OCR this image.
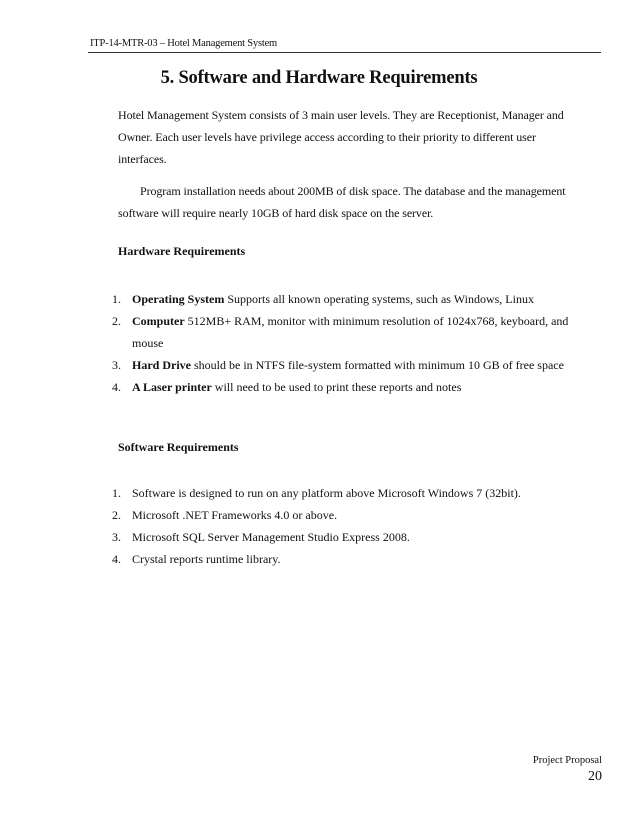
ITP-14-MTR-03 – Hotel Management System
5. Software and Hardware Requirements
Hotel Management System consists of 3 main user levels. They are Receptionist, Manager and
Owner. Each user levels have privilege access according to their priority to different user
interfaces.
Program installation needs about 200MB of disk space. The database and the management
software will require nearly 10GB of hard disk space on the server.
Hardware Requirements
1. Operating System Supports all known operating systems, such as Windows, Linux
2. Computer 512MB+ RAM, monitor with minimum resolution of 1024x768, keyboard, and mouse
3. Hard Drive should be in NTFS file-system formatted with minimum 10 GB of free space
4. A Laser printer will need to be used to print these reports and notes
Software Requirements
1. Software is designed to run on any platform above Microsoft Windows 7 (32bit).
2. Microsoft .NET Frameworks 4.0 or above.
3. Microsoft SQL Server Management Studio Express 2008.
4. Crystal reports runtime library.
Project Proposal
20
